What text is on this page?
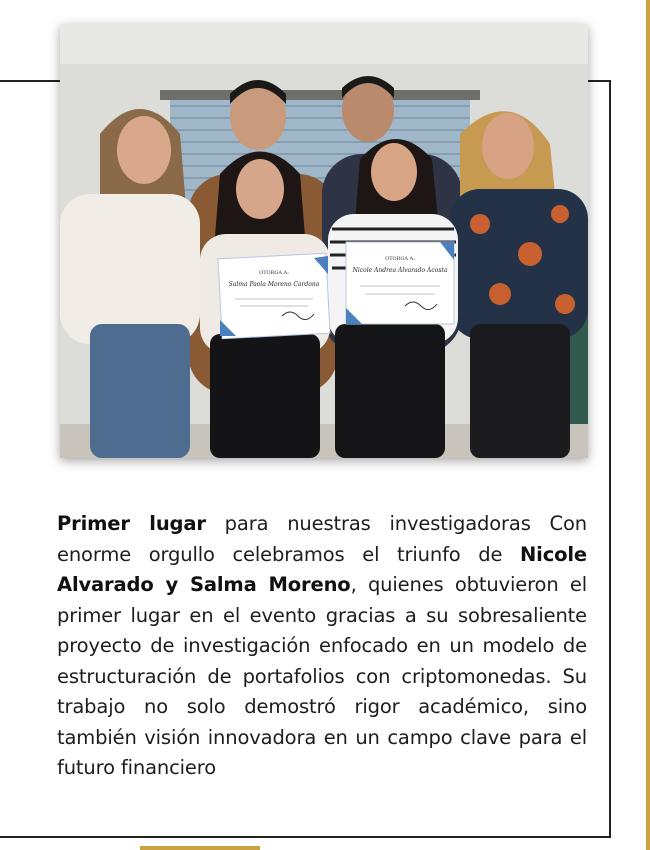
OTORGA A:
Salma Paola Moreno Cardona
OTORGA A:
Nicole Andrea Alvarado Acosta
Primer lugar para nuestras investigadoras Con enorme orgullo celebramos el triunfo de Nicole Alvarado y Salma Moreno, quienes obtuvieron el primer lugar en el evento gracias a su sobresaliente proyecto de investigación enfocado en un modelo de estructuración de portafolios con criptomonedas. Su trabajo no solo demostró rigor académico, sino también visión innovadora en un campo clave para el futuro financiero
